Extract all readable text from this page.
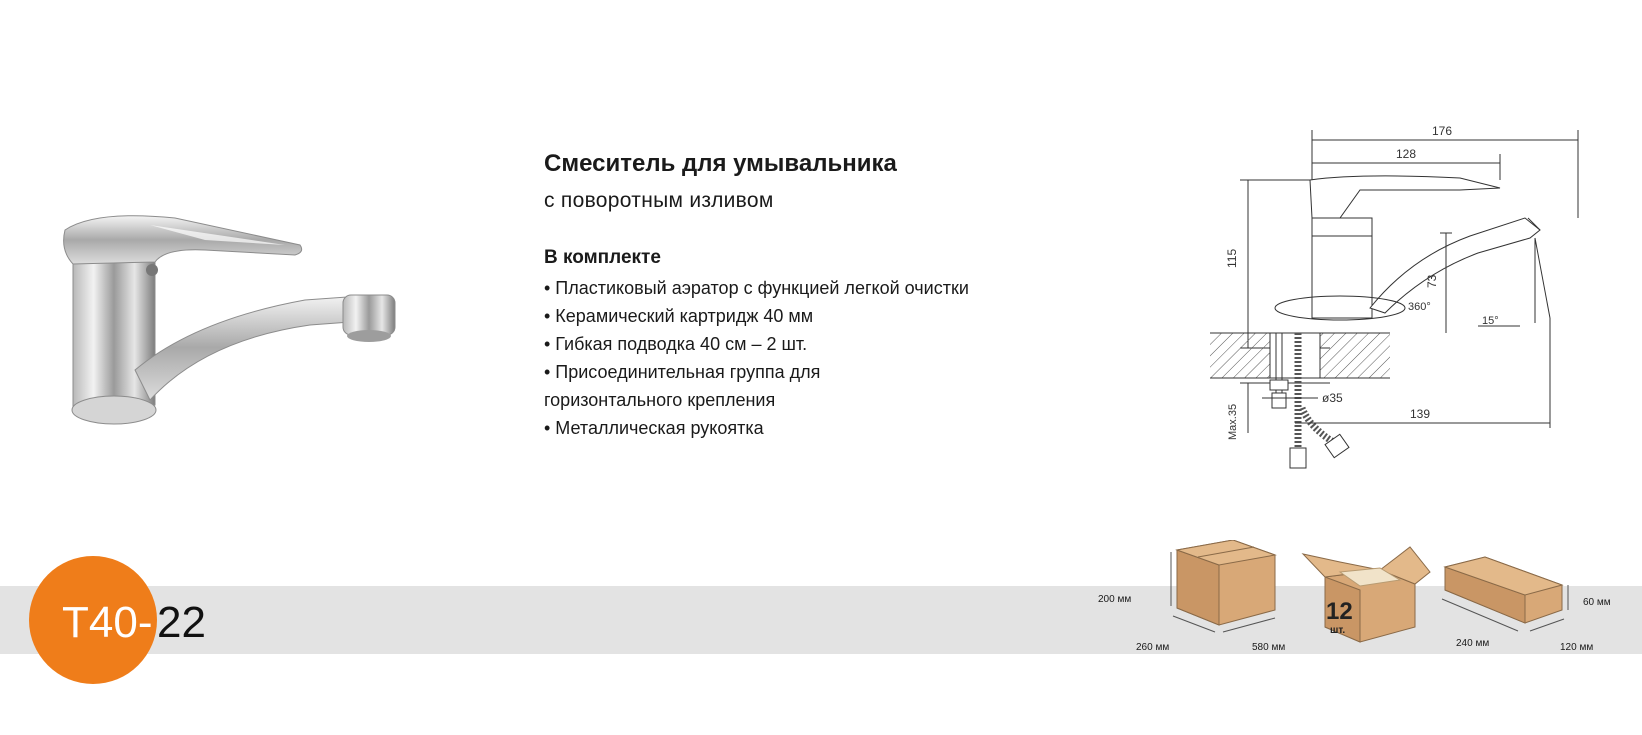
T40- 22
Смеситель для умывальника
с поворотным изливом
В комплекте
• Пластиковый аэратор с функцией легкой очистки
• Керамический картридж 40 мм
• Гибкая подводка 40 см – 2 шт.
• Присоединительная группа для
горизонтального крепления
• Металлическая рукоятка
176
128
115
Max.35
360°
73
15°
ø35
139
200 мм
260 мм	580 мм
12
шт.
60 мм
240 мм	120 мм
